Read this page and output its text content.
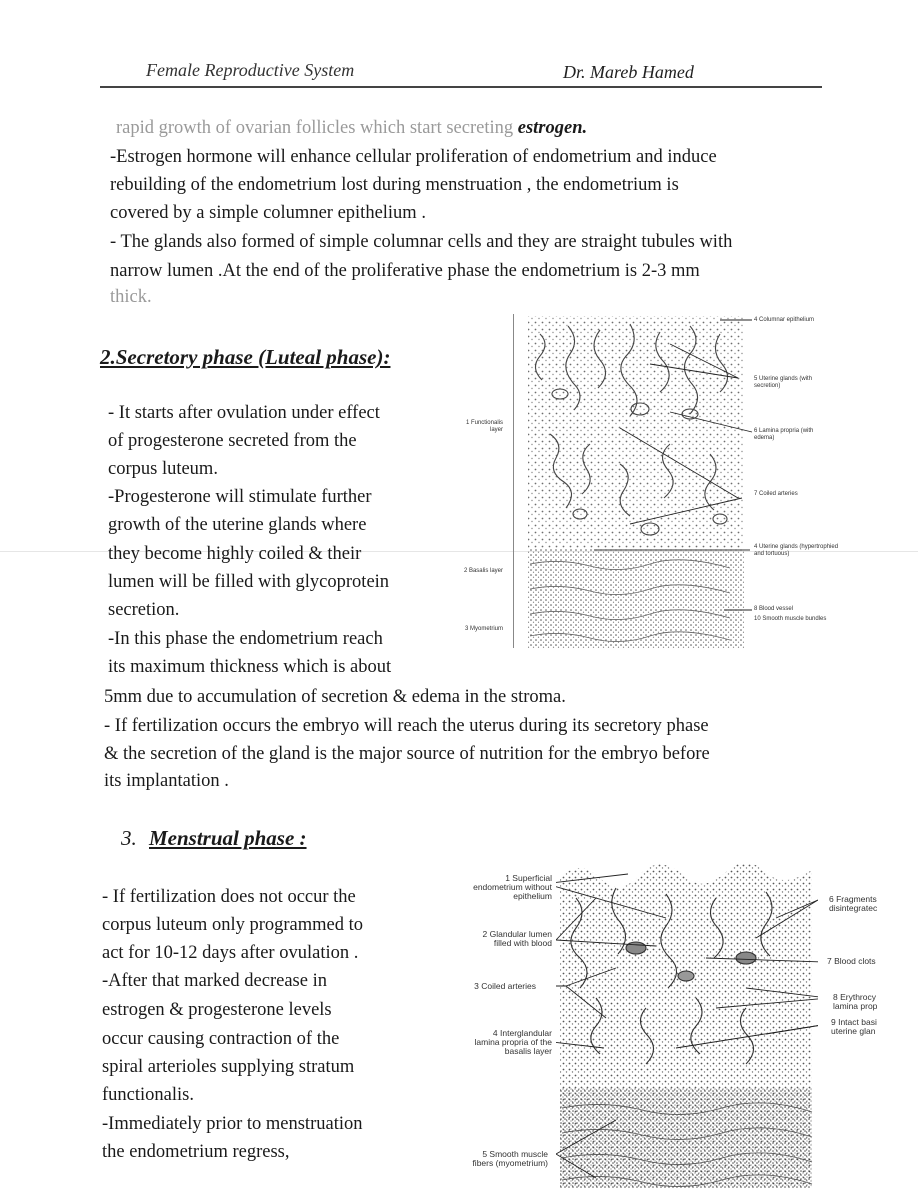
Female Reproductive System	Dr. Mareb Hamed
rapid growth of ovarian follicles which start secreting estrogen.
-Estrogen hormone will enhance cellular proliferation of endometrium and induce
rebuilding of the endometrium lost during menstruation , the endometrium is
covered by a simple columner epithelium .
- The glands also formed of simple columnar cells and they are straight tubules with
narrow lumen .At the end of the proliferative phase the endometrium is 2-3 mm
thick.
2.Secretory phase (Luteal phase):
- It starts after ovulation under effect
of progesterone secreted from the
corpus luteum.
-Progesterone will stimulate further
growth of the uterine glands where
they become highly coiled & their
lumen will be filled with glycoprotein
secretion.
-In this phase the endometrium reach
its maximum thickness which is about
5mm due to accumulation of secretion & edema in the stroma.
- If fertilization occurs the embryo will reach the uterus during its secretory phase
& the secretion of the gland is the major source of nutrition for the embryo before
its implantation .
1 Functionalis layer
2 Basalis layer
3 Myometrium
4 Columnar epithelium
5 Uterine glands (with secretion)
6 Lamina propria (with edema)
7 Coiled arteries
4 Uterine glands (hypertrophied and tortuous)
8 Blood vessel
10 Smooth muscle bundles
3. Menstrual phase :
- If fertilization does not occur the
corpus luteum only programmed to
act for 10-12 days after ovulation .
-After that marked decrease in
estrogen & progesterone levels
occur causing contraction of the
spiral arterioles supplying stratum
functionalis.
-Immediately prior to menstruation
the endometrium regress,
1 Superficial
endometrium without
epithelium
2 Glandular lumen
filled with blood
3 Coiled arteries
4 Interglandular
lamina propria of the
basalis layer
5 Smooth muscle
fibers (myometrium)
6 Fragments
disintegratec
7 Blood clots
8 Erythrocy
lamina prop
9 Intact basi
uterine glan
